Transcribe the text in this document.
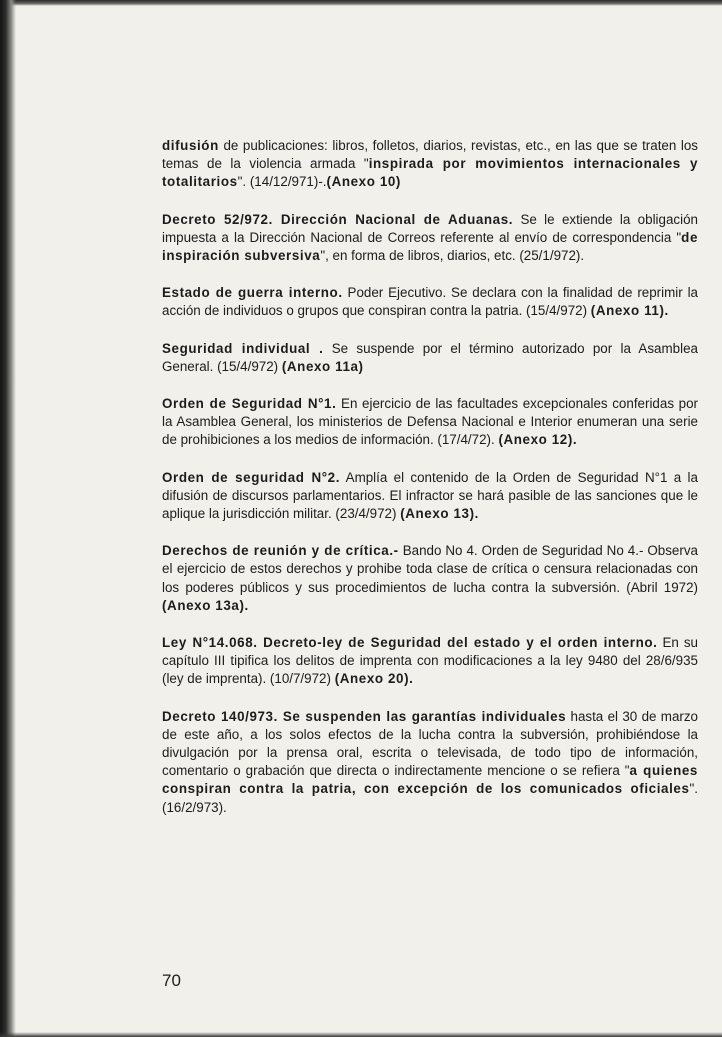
difusión de publicaciones: libros, folletos, diarios, revistas, etc., en las que se traten los temas de la violencia armada "inspirada por movimientos internacionales y totalitarios". (14/12/971)-.(Anexo 10)

Decreto 52/972. Dirección Nacional de Aduanas. Se le extiende la obligación impuesta a la Dirección Nacional de Correos referente al envío de correspondencia "de inspiración subversiva", en forma de libros, diarios, etc. (25/1/972).

Estado de guerra interno. Poder Ejecutivo. Se declara con la finalidad de reprimir la acción de individuos o grupos que conspiran contra la patria. (15/4/972) (Anexo 11).

Seguridad individual . Se suspende por el término autorizado por la Asamblea General. (15/4/972) (Anexo 11a)

Orden de Seguridad N°1. En ejercicio de las facultades excepcionales conferidas por la Asamblea General, los ministerios de Defensa Nacional e Interior enumeran una serie de prohibiciones a los medios de información. (17/4/72). (Anexo 12).

Orden de seguridad N°2. Amplía el contenido de la Orden de Seguridad N°1 a la difusión de discursos parlamentarios. El infractor se hará pasible de las sanciones que le aplique la jurisdicción militar. (23/4/972) (Anexo 13).

Derechos de reunión y de crítica.- Bando No 4. Orden de Seguridad No 4.- Observa el ejercicio de estos derechos y prohibe toda clase de crítica o censura relacionadas con los poderes públicos y sus procedimientos de lucha contra la subversión. (Abril 1972) (Anexo 13a).

Ley N°14.068. Decreto-ley de Seguridad del estado y el orden interno. En su capítulo III tipifica los delitos de imprenta con modificaciones a la ley 9480 del 28/6/935 (ley de imprenta). (10/7/972) (Anexo 20).

Decreto 140/973. Se suspenden las garantías individuales hasta el 30 de marzo de este año, a los solos efectos de la lucha contra la subversión, prohibiéndose la divulgación por la prensa oral, escrita o televisada, de todo tipo de información, comentario o grabación que directa o indirectamente mencione o se refiera "a quienes conspiran contra la patria, con excepción de los comunicados oficiales". (16/2/973).

70
